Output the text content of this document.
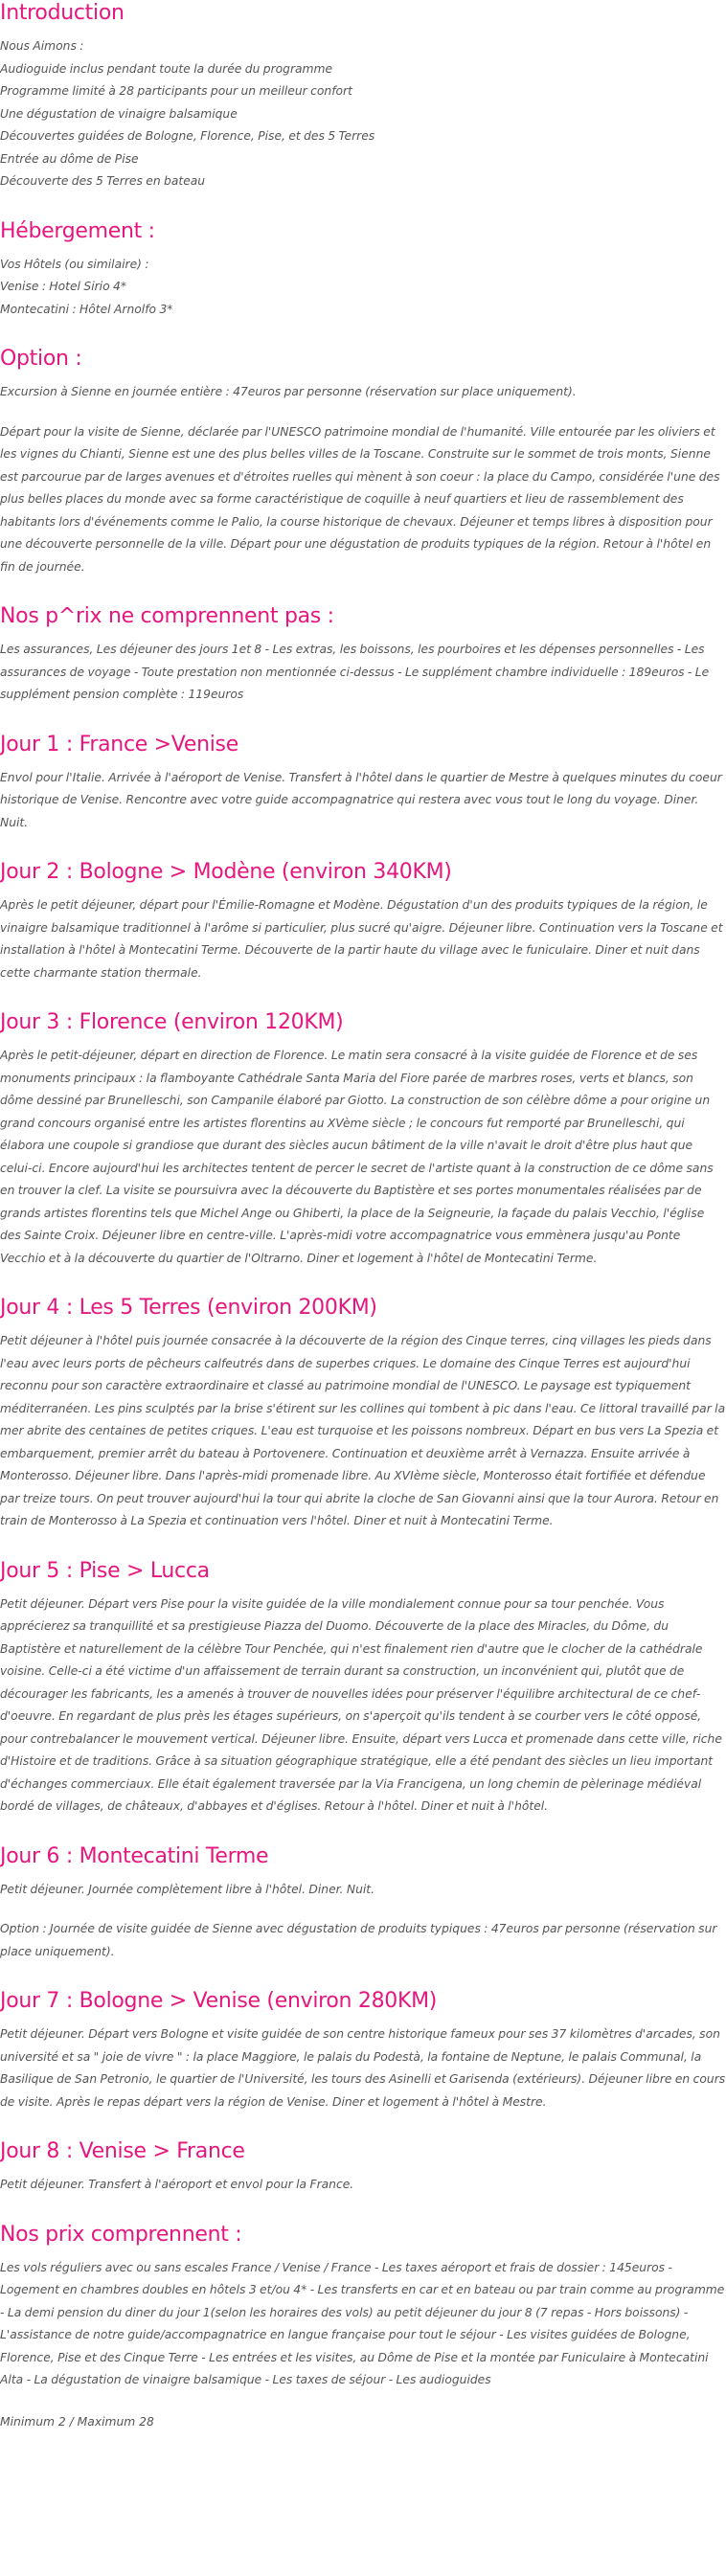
Introduction

Nous Aimons :

Audioguide inclus pendant toute la durée du programme

Programme limité à 28 participants pour un meilleur confort

Une dégustation de vinaigre balsamique

Découvertes guidées de Bologne, Florence, Pise, et des 5 Terres

Entrée au dôme de Pise

Découverte des 5 Terres en bateau

Hébergement :

Vos Hôtels (ou similaire) :

Venise : Hotel Sirio 4*

Montecatini : Hôtel Arnolfo 3*

Option :

Excursion à Sienne en journée entière : 47euros par personne (réservation sur place uniquement).

Départ pour la visite de Sienne, déclarée par l'UNESCO patrimoine mondial de l'humanité. Ville entourée par les oliviers et les vignes du Chianti, Sienne est une des plus belles villes de la Toscane. Construite sur le sommet de trois monts, Sienne est parcourue par de larges avenues et d'étroites ruelles qui mènent à son coeur : la place du Campo, considérée l'une des plus belles places du monde avec sa forme caractéristique de coquille à neuf quartiers et lieu de rassemblement des habitants lors d'événements comme le Palio, la course historique de chevaux. Déjeuner et temps libres à disposition pour une découverte personnelle de la ville. Départ pour une dégustation de produits typiques de la région. Retour à l'hôtel en fin de journée.

Nos p^rix ne comprennent pas :

Les assurances, Les déjeuner des jours 1et 8 - Les extras, les boissons, les pourboires et les dépenses personnelles - Les assurances de voyage - Toute prestation non mentionnée ci-dessus - Le supplément chambre individuelle : 189euros - Le supplément pension complète : 119euros

Jour 1 : France >Venise

Envol pour l'Italie. Arrivée à l'aéroport de Venise. Transfert à l'hôtel dans le quartier de Mestre à quelques minutes du coeur historique de Venise. Rencontre avec votre guide accompagnatrice qui restera avec vous tout le long du voyage. Diner. Nuit.

Jour 2 : Bologne > Modène (environ 340KM)

Après le petit déjeuner, départ pour l'Émilie-Romagne et Modène. Dégustation d'un des produits typiques de la région, le vinaigre balsamique traditionnel à l'arôme si particulier, plus sucré qu'aigre. Déjeuner libre. Continuation vers la Toscane et installation à l'hôtel à Montecatini Terme. Découverte de la partir haute du village avec le funiculaire. Diner et nuit dans cette charmante station thermale.

Jour 3 : Florence (environ 120KM)

Après le petit-déjeuner, départ en direction de Florence. Le matin sera consacré à la visite guidée de Florence et de ses monuments principaux : la flamboyante Cathédrale Santa Maria del Fiore parée de marbres roses, verts et blancs, son dôme dessiné par Brunelleschi, son Campanile élaboré par Giotto. La construction de son célèbre dôme a pour origine un grand concours organisé entre les artistes florentins au XVème siècle ; le concours fut remporté par Brunelleschi, qui élabora une coupole si grandiose que durant des siècles aucun bâtiment de la ville n'avait le droit d'être plus haut que celui-ci. Encore aujourd'hui les architectes tentent de percer le secret de l'artiste quant à la construction de ce dôme sans en trouver la clef. La visite se poursuivra avec la découverte du Baptistère et ses portes monumentales réalisées par de grands artistes florentins tels que Michel Ange ou Ghiberti, la place de la Seigneurie, la façade du palais Vecchio, l'église des Sainte Croix. Déjeuner libre en centre-ville. L'après-midi votre accompagnatrice vous emmènera jusqu'au Ponte Vecchio et à la découverte du quartier de l'Oltrarno. Diner et logement à l'hôtel de Montecatini Terme.

Jour 4 : Les 5 Terres (environ 200KM)

Petit déjeuner à l'hôtel puis journée consacrée à la découverte de la région des Cinque terres, cinq villages les pieds dans l'eau avec leurs ports de pêcheurs calfeutrés dans de superbes criques. Le domaine des Cinque Terres est aujourd'hui reconnu pour son caractère extraordinaire et classé au patrimoine mondial de l'UNESCO. Le paysage est typiquement méditerranéen. Les pins sculptés par la brise s'étirent sur les collines qui tombent à pic dans l'eau. Ce littoral travaillé par la mer abrite des centaines de petites criques. L'eau est turquoise et les poissons nombreux. Départ en bus vers La Spezia et embarquement, premier arrêt du bateau à Portovenere. Continuation et deuxième arrêt à Vernazza. Ensuite arrivée à Monterosso. Déjeuner libre. Dans l'après-midi promenade libre. Au XVIème siècle, Monterosso était fortifiée et défendue par treize tours. On peut trouver aujourd'hui la tour qui abrite la cloche de San Giovanni ainsi que la tour Aurora. Retour en train de Monterosso à La Spezia et continuation vers l'hôtel. Diner et nuit à Montecatini Terme.

Jour 5 : Pise > Lucca

Petit déjeuner. Départ vers Pise pour la visite guidée de la ville mondialement connue pour sa tour penchée. Vous apprécierez sa tranquillité et sa prestigieuse Piazza del Duomo. Découverte de la place des Miracles, du Dôme, du Baptistère et naturellement de la célèbre Tour Penchée, qui n'est finalement rien d'autre que le clocher de la cathédrale voisine. Celle-ci a été victime d'un affaissement de terrain durant sa construction, un inconvénient qui, plutôt que de décourager les fabricants, les a amenés à trouver de nouvelles idées pour préserver l'équilibre architectural de ce chef-d'oeuvre. En regardant de plus près les étages supérieurs, on s'aperçoit qu'ils tendent à se courber vers le côté opposé, pour contrebalancer le mouvement vertical. Déjeuner libre. Ensuite, départ vers Lucca et promenade dans cette ville, riche d'Histoire et de traditions. Grâce à sa situation géographique stratégique, elle a été pendant des siècles un lieu important d'échanges commerciaux. Elle était également traversée par la Via Francigena, un long chemin de pèlerinage médiéval bordé de villages, de châteaux, d'abbayes et d'églises. Retour à l'hôtel. Diner et nuit à l'hôtel.

Jour 6 : Montecatini Terme

Petit déjeuner. Journée complètement libre à l'hôtel. Diner. Nuit.

Option : Journée de visite guidée de Sienne avec dégustation de produits typiques : 47euros par personne (réservation sur place uniquement).

Jour 7 : Bologne > Venise (environ 280KM)

Petit déjeuner. Départ vers Bologne et visite guidée de son centre historique fameux pour ses 37 kilomètres d'arcades, son université et sa " joie de vivre " : la place Maggiore, le palais du Podestà, la fontaine de Neptune, le palais Communal, la Basilique de San Petronio, le quartier de l'Université, les tours des Asinelli et Garisenda (extérieurs). Déjeuner libre en cours de visite. Après le repas départ vers la région de Venise. Diner et logement à l'hôtel à Mestre.

Jour 8 : Venise > France

Petit déjeuner. Transfert à l'aéroport et envol pour la France.

Nos prix comprennent :

Les vols réguliers avec ou sans escales France / Venise / France - Les taxes aéroport et frais de dossier : 145euros - Logement en chambres doubles en hôtels 3 et/ou 4* - Les transferts en car et en bateau ou par train comme au programme - La demi pension du diner du jour 1(selon les horaires des vols) au petit déjeuner du jour 8 (7 repas - Hors boissons) - L'assistance de notre guide/accompagnatrice en langue française pour tout le séjour - Les visites guidées de Bologne, Florence, Pise et des Cinque Terre - Les entrées et les visites, au Dôme de Pise et la montée par Funiculaire à Montecatini Alta - La dégustation de vinaigre balsamique - Les taxes de séjour - Les audioguides

Minimum 2 / Maximum 28
